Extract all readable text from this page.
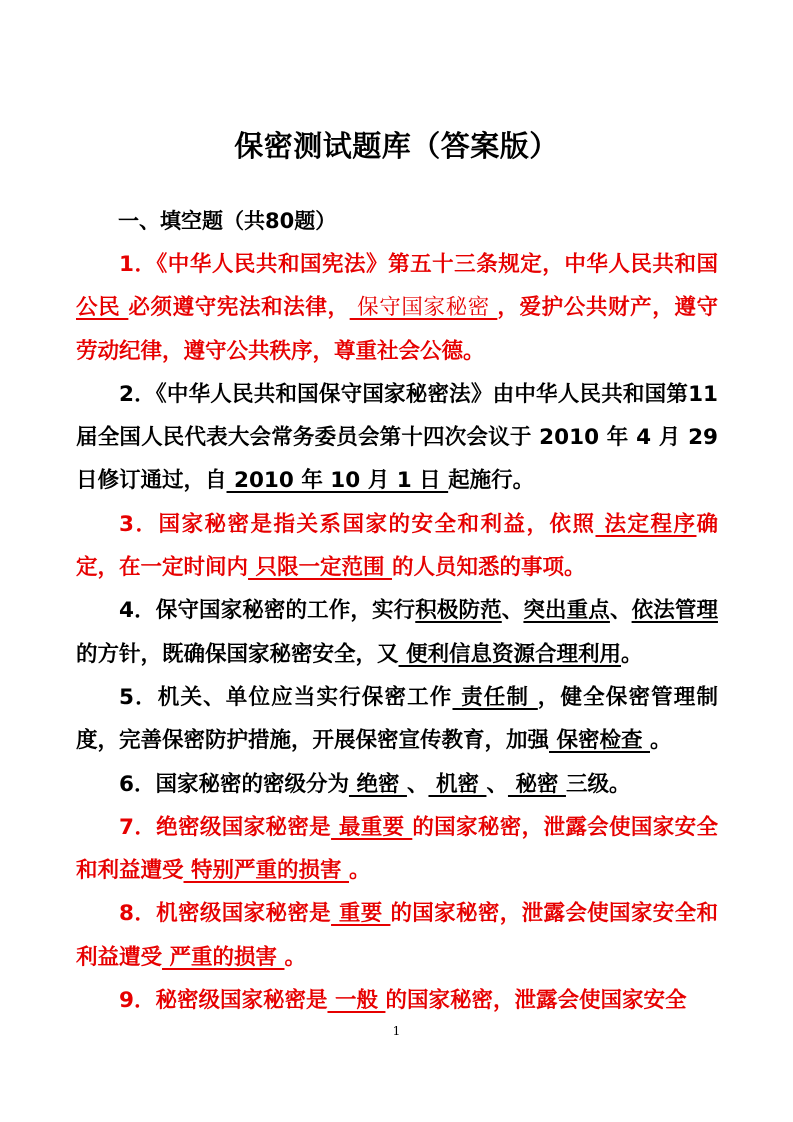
保密测试题库（答案版）
一、填空题（共80题）

1．《中华人民共和国宪法》第五十三条规定，中华人民共和国 公民 必须遵守宪法和法律， 保守国家秘密 ，爱护公共财产，遵守劳动纪律，遵守公共秩序，尊重社会公德。

2．《中华人民共和国保守国家秘密法》由中华人民共和国第11 届全国人民代表大会常务委员会第十四次会议于 2010 年 4 月 29日修订通过，自 2010 年 10 月 1 日 起施行。

3．国家秘密是指关系国家的安全和利益，依照 法定程序确定，在一定时间内 只限一定范围 的人员知悉的事项。

4．保守国家秘密的工作，实行积极防范、突出重点、依法管理的方针，既确保国家秘密安全，又 便利信息资源合理利用。

5．机关、单位应当实行保密工作 责任制 ，健全保密管理制度，完善保密防护措施，开展保密宣传教育，加强 保密检查 。

6．国家秘密的密级分为 绝密 、 机密 、 秘密 三级。

7．绝密级国家秘密是 最重要 的国家秘密，泄露会使国家安全和利益遭受 特别严重的损害 。

8．机密级国家秘密是 重要 的国家秘密，泄露会使国家安全和利益遭受 严重的损害 。

9．秘密级国家秘密是 一般 的国家秘密，泄露会使国家安全

1
